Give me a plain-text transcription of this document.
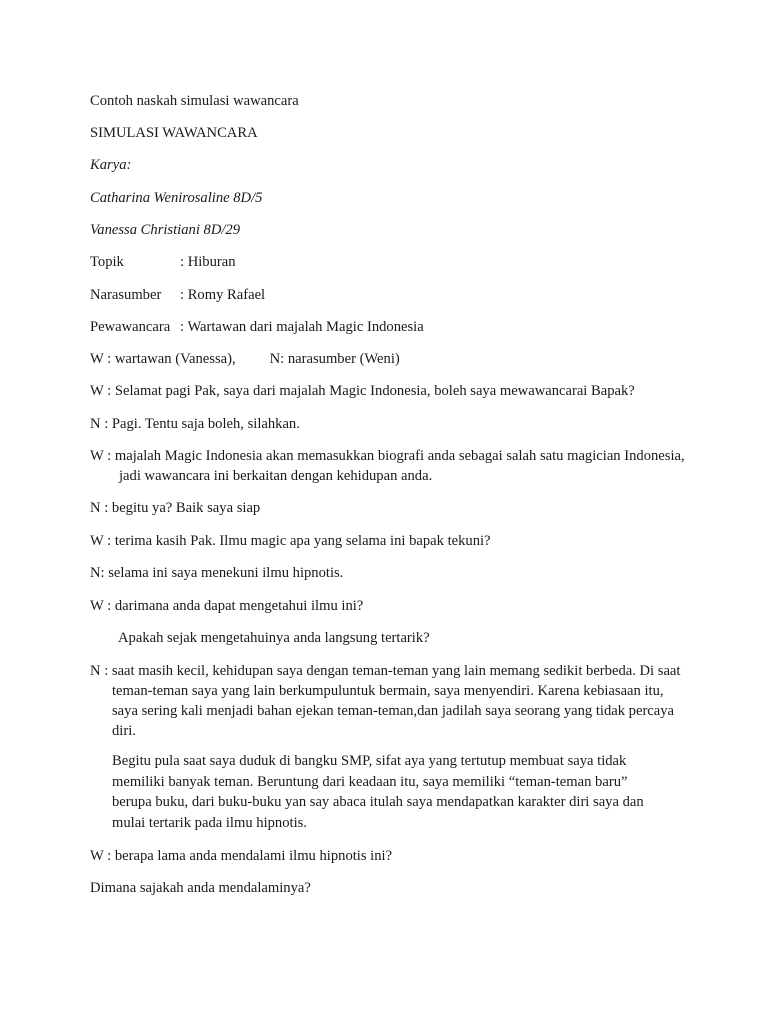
Contoh naskah simulasi wawancara
SIMULASI WAWANCARA
Karya:
Catharina Wenirosaline 8D/5
Vanessa Christiani 8D/29
Topik	: Hiburan
Narasumber : Romy Rafael
Pewawancara : Wartawan dari majalah Magic Indonesia
W : wartawan (Vanessa), N: narasumber (Weni)
W : Selamat pagi Pak, saya dari majalah Magic Indonesia, boleh saya mewawancarai Bapak?
N : Pagi. Tentu saja boleh, silahkan.
W : majalah Magic Indonesia akan memasukkan biografi anda sebagai salah satu magician Indonesia, jadi wawancara ini berkaitan dengan kehidupan anda.
N : begitu ya? Baik saya siap
W : terima kasih Pak. Ilmu magic apa yang selama ini bapak tekuni?
N: selama ini saya menekuni ilmu hipnotis.
W : darimana anda dapat mengetahui ilmu ini?
Apakah sejak mengetahuinya anda langsung tertarik?
N : saat masih kecil, kehidupan saya dengan teman-teman yang lain memang sedikit berbeda. Di saat teman-teman saya yang lain berkumpuluntuk bermain, saya menyendiri. Karena kebiasaan itu, saya sering kali menjadi bahan ejekan teman-teman,dan jadilah saya seorang yang tidak percaya diri.
Begitu pula saat saya duduk di bangku SMP, sifat aya yang tertutup membuat saya tidak memiliki banyak teman. Beruntung dari keadaan itu, saya memiliki “teman-teman baru” berupa buku, dari buku-buku yan say abaca itulah saya mendapatkan karakter diri saya dan mulai tertarik pada ilmu hipnotis.
W : berapa lama anda mendalami ilmu hipnotis ini?
Dimana sajakah anda mendalaminya?
